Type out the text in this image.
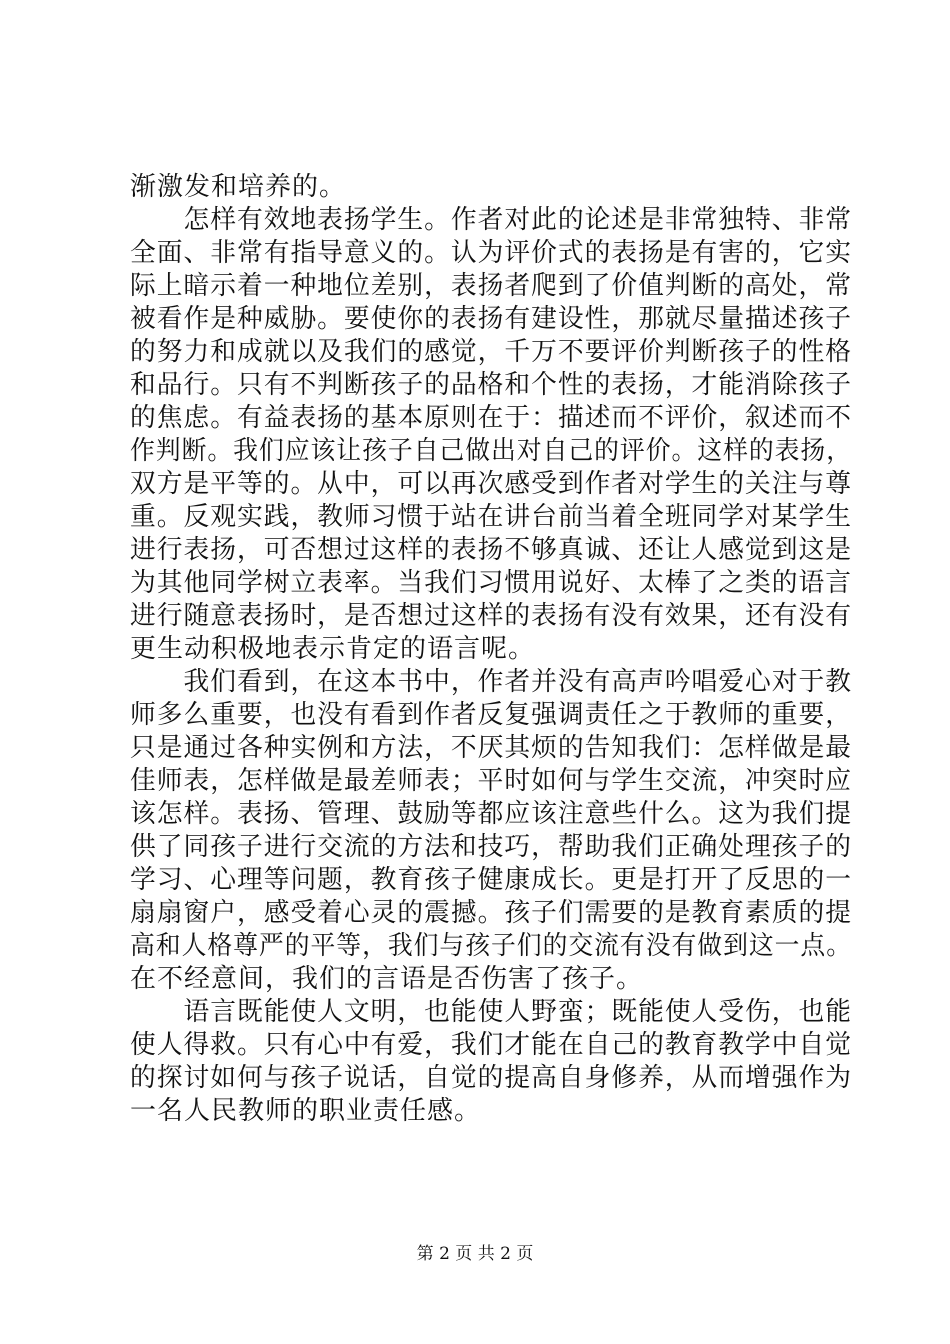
渐激发和培养的。
　　怎样有效地表扬学生。作者对此的论述是非常独特、非常
全面、非常有指导意义的。认为评价式的表扬是有害的，它实
际上暗示着一种地位差别，表扬者爬到了价值判断的高处，常
被看作是种威胁。要使你的表扬有建设性，那就尽量描述孩子
的努力和成就以及我们的感觉，千万不要评价判断孩子的性格
和品行。只有不判断孩子的品格和个性的表扬，才能消除孩子
的焦虑。有益表扬的基本原则在于：描述而不评价，叙述而不
作判断。我们应该让孩子自己做出对自己的评价。这样的表扬，
双方是平等的。从中，可以再次感受到作者对学生的关注与尊
重。反观实践，教师习惯于站在讲台前当着全班同学对某学生
进行表扬，可否想过这样的表扬不够真诚、还让人感觉到这是
为其他同学树立表率。当我们习惯用说好、太棒了之类的语言
进行随意表扬时，是否想过这样的表扬有没有效果，还有没有
更生动积极地表示肯定的语言呢。
　　我们看到，在这本书中，作者并没有高声吟唱爱心对于教
师多么重要，也没有看到作者反复强调责任之于教师的重要，
只是通过各种实例和方法，不厌其烦的告知我们：怎样做是最
佳师表，怎样做是最差师表；平时如何与学生交流，冲突时应
该怎样。表扬、管理、鼓励等都应该注意些什么。这为我们提
供了同孩子进行交流的方法和技巧，帮助我们正确处理孩子的
学习、心理等问题，教育孩子健康成长。更是打开了反思的一
扇扇窗户，感受着心灵的震撼。孩子们需要的是教育素质的提
高和人格尊严的平等，我们与孩子们的交流有没有做到这一点。
在不经意间，我们的言语是否伤害了孩子。
　　语言既能使人文明，也能使人野蛮；既能使人受伤，也能
使人得救。只有心中有爱，我们才能在自己的教育教学中自觉
的探讨如何与孩子说话，自觉的提高自身修养，从而增强作为
一名人民教师的职业责任感。
第 2 页 共 2 页
